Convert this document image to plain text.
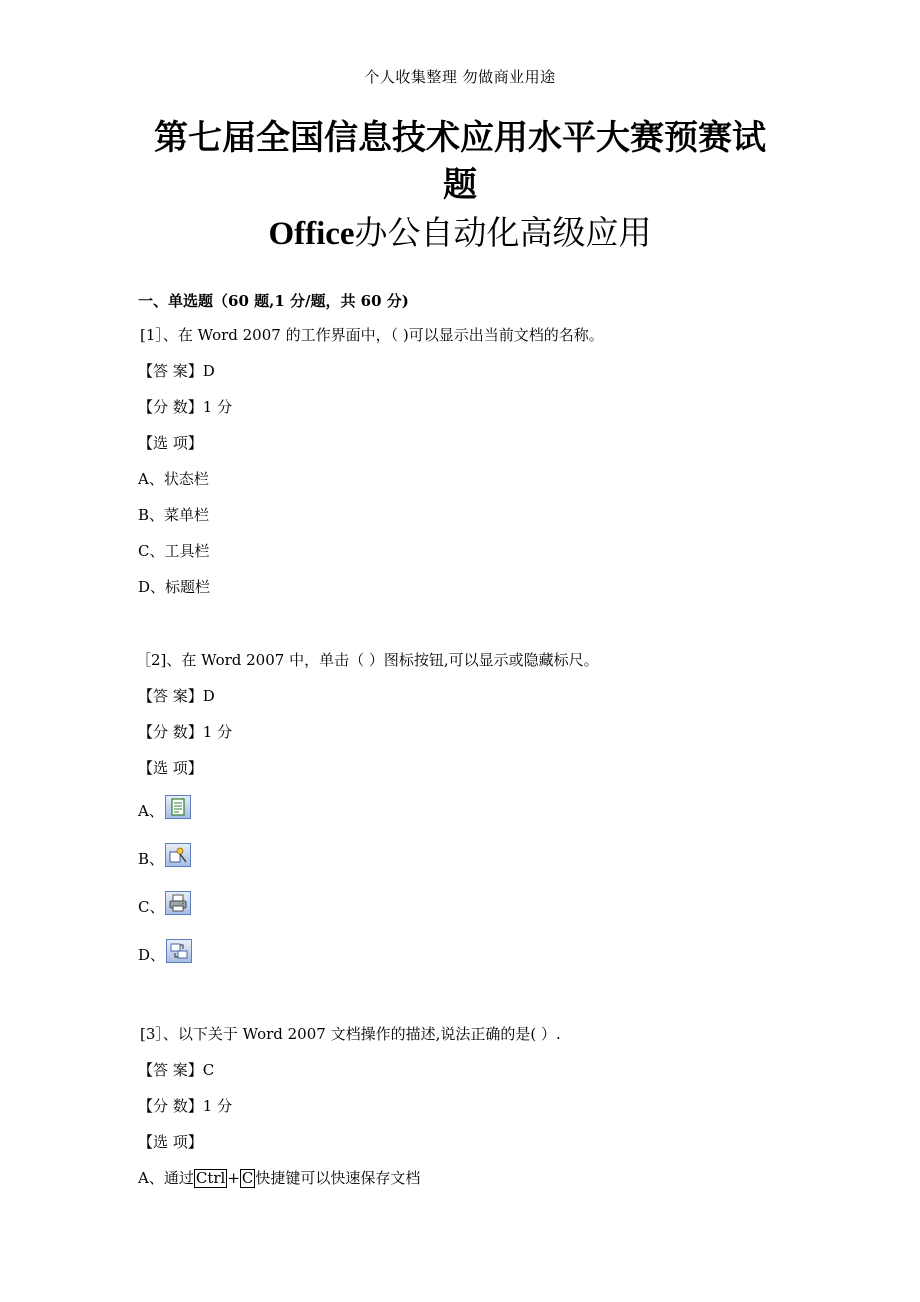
个人收集整理 勿做商业用途
第七届全国信息技术应用水平大赛预赛试
题
Office办公自动化高级应用
一、单选题（60 题,1 分/题，共 60 分)
[1］、在 Word 2007 的工作界面中，（ )可以显示出当前文档的名称。
【答 案】D
【分 数】1 分
【选 项】
A、状态栏
B、菜单栏
C、工具栏
D、标题栏
［2]、在 Word 2007 中，单击（ ）图标按钮,可以显示或隐藏标尺。
【答 案】D
【分 数】1 分
【选 项】
A、
B、
C、
D、
[3］、以下关于 Word 2007 文档操作的描述,说法正确的是( ）.
【答 案】C
【分 数】1 分
【选 项】
A、通过 Ctrl + C 快捷键可以快速保存文档
